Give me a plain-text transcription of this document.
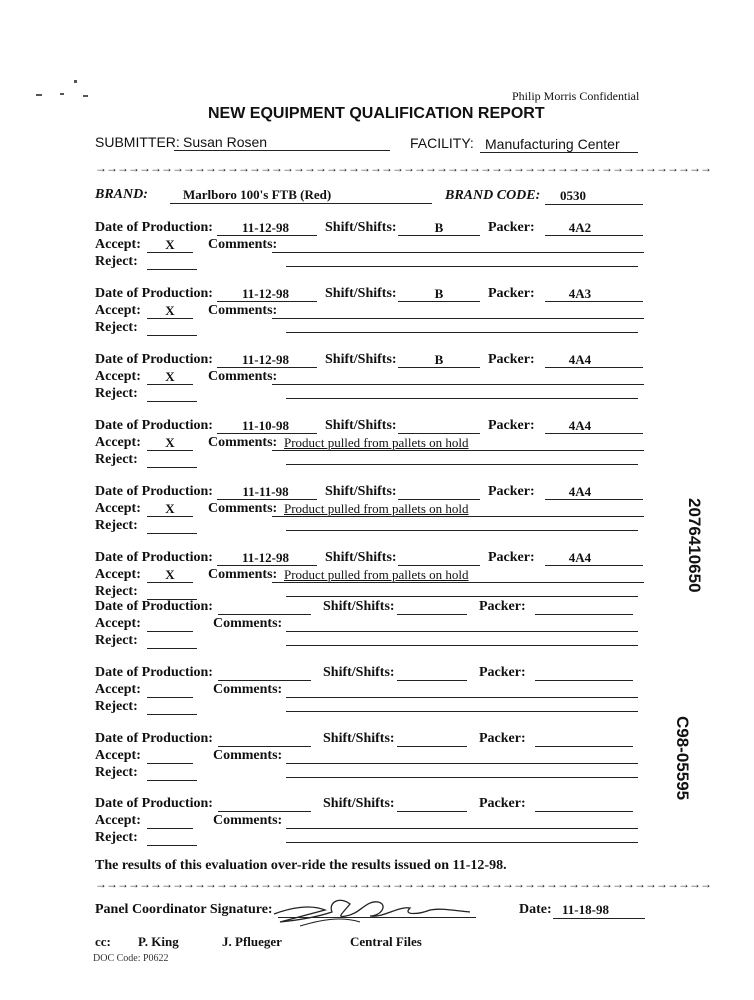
Philip Morris Confidential
NEW EQUIPMENT QUALIFICATION REPORT
SUBMITTER: Susan Rosen	FACILITY: Manufacturing Center
→→→→→→→→→→→→→→→→→→→→→→→→→→→→→→→→→→→→→→→→→→→→→→→→→→→→→→→→
BRAND:	Marlboro 100's FTB (Red)	BRAND CODE: 0530
Date of Production:	11-12-98	Shift/Shifts:	B	Packer:	4A2
Accept:	X	Comments:
Reject:
Date of Production:	11-12-98	Shift/Shifts:	B	Packer:	4A3
Accept:	X	Comments:
Reject:
Date of Production:	11-12-98	Shift/Shifts:	B	Packer:	4A4
Accept:	X	Comments:
Reject:
Date of Production:	11-10-98	Shift/Shifts:	Packer:	4A4
Accept:	X	Comments: Product pulled from pallets on hold
Reject:
Date of Production:	11-11-98	Shift/Shifts:	Packer:	4A4
Accept:	X	Comments: Product pulled from pallets on hold
Reject:
Date of Production:	11-12-98	Shift/Shifts:	Packer:	4A4
Accept:	X	Comments: Product pulled from pallets on hold
Reject:
Date of Production:	Shift/Shifts:	Packer:
Accept:	Comments:
Reject:
Date of Production:	Shift/Shifts:	Packer:
Accept:	Comments:
Reject:
Date of Production:	Shift/Shifts:	Packer:
Accept:	Comments:
Reject:
Date of Production:	Shift/Shifts:	Packer:
Accept:	Comments:
Reject:
The results of this evaluation over-ride the results issued on 11-12-98.
→→→→→→→→→→→→→→→→→→→→→→→→→→→→→→→→→→→→→→→→→→→→→→→→→→→→→→→→
Panel Coordinator Signature:	Date: 11-18-98
cc: P. King	J. Pflueger	Central Files
DOC Code: P0622
2076410650
C98-05595
